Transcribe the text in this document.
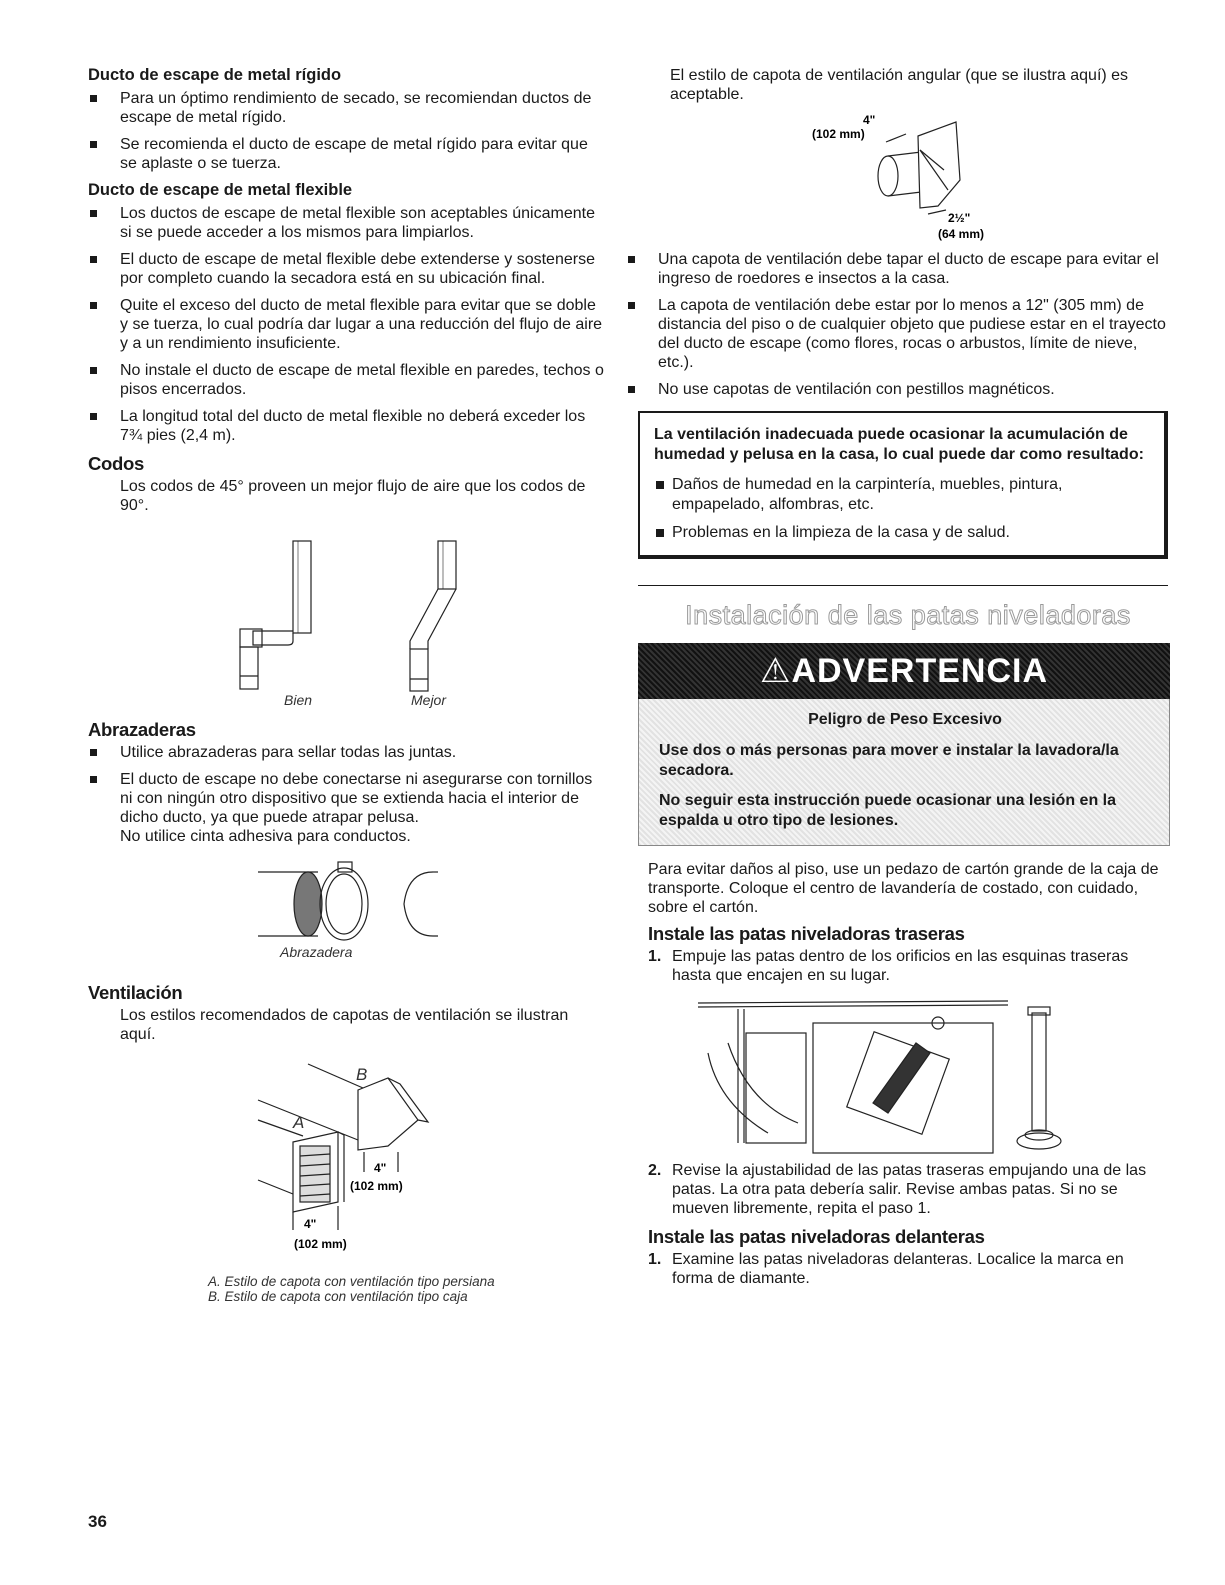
Ducto de escape de metal rígido
Para un óptimo rendimiento de secado, se recomiendan ductos de escape de metal rígido.
Se recomienda el ducto de escape de metal rígido para evitar que se aplaste o se tuerza.
Ducto de escape de metal flexible
Los ductos de escape de metal flexible son aceptables únicamente si se puede acceder a los mismos para limpiarlos.
El ducto de escape de metal flexible debe extenderse y sostenerse por completo cuando la secadora está en su ubicación final.
Quite el exceso del ducto de metal flexible para evitar que se doble y se tuerza, lo cual podría dar lugar a una reducción del flujo de aire y a un rendimiento insuficiente.
No instale el ducto de escape de metal flexible en paredes, techos o pisos encerrados.
La longitud total del ducto de metal flexible no deberá exceder los 7¾ pies (2,4 m).
Codos

Los codos de 45° proveen un mejor flujo de aire que los codos de 90°.

Bien	Mejor
Abrazaderas
Utilice abrazaderas para sellar todas las juntas.
El ducto de escape no debe conectarse ni asegurarse con tornillos ni con ningún otro dispositivo que se extienda hacia el interior de dicho ducto, ya que puede atrapar pelusa.

No utilice cinta adhesiva para conductos.

Abrazadera
Ventilación

Los estilos recomendados de capotas de ventilación se ilustran aquí.

B
A
4"
(102 mm)
4"
(102 mm)
A. Estilo de capota con ventilación tipo persiana
B. Estilo de capota con ventilación tipo caja

El estilo de capota de ventilación angular (que se ilustra aquí) es aceptable.

4"
(102 mm)
2½"
(64 mm)
Una capota de ventilación debe tapar el ducto de escape para evitar el ingreso de roedores e insectos a la casa.
La capota de ventilación debe estar por lo menos a 12" (305 mm) de distancia del piso o de cualquier objeto que pudiese estar en el trayecto del ducto de escape (como flores, rocas o arbustos, límite de nieve, etc.).
No use capotas de ventilación con pestillos magnéticos.
La ventilación inadecuada puede ocasionar la acumulación de humedad y pelusa en la casa, lo cual puede dar como resultado:
Daños de humedad en la carpintería, muebles, pintura, empapelado, alfombras, etc.
Problemas en la limpieza de la casa y de salud.
Instalación de las patas niveladoras
⚠ADVERTENCIA
Peligro de Peso Excesivo
Use dos o más personas para mover e instalar la lavadora/la secadora.
No seguir esta instrucción puede ocasionar una lesión en la espalda u otro tipo de lesiones.

Para evitar daños al piso, use un pedazo de cartón grande de la caja de transporte. Coloque el centro de lavandería de costado, con cuidado, sobre el cartón.

Instale las patas niveladoras traseras
1. Empuje las patas dentro de los orificios en las esquinas traseras hasta que encajen en su lugar.
2. Revise la ajustabilidad de las patas traseras empujando una de las patas. La otra pata debería salir. Revise ambas patas. Si no se mueven libremente, repita el paso 1.
Instale las patas niveladoras delanteras
1. Examine las patas niveladoras delanteras. Localice la marca en forma de diamante.
36
